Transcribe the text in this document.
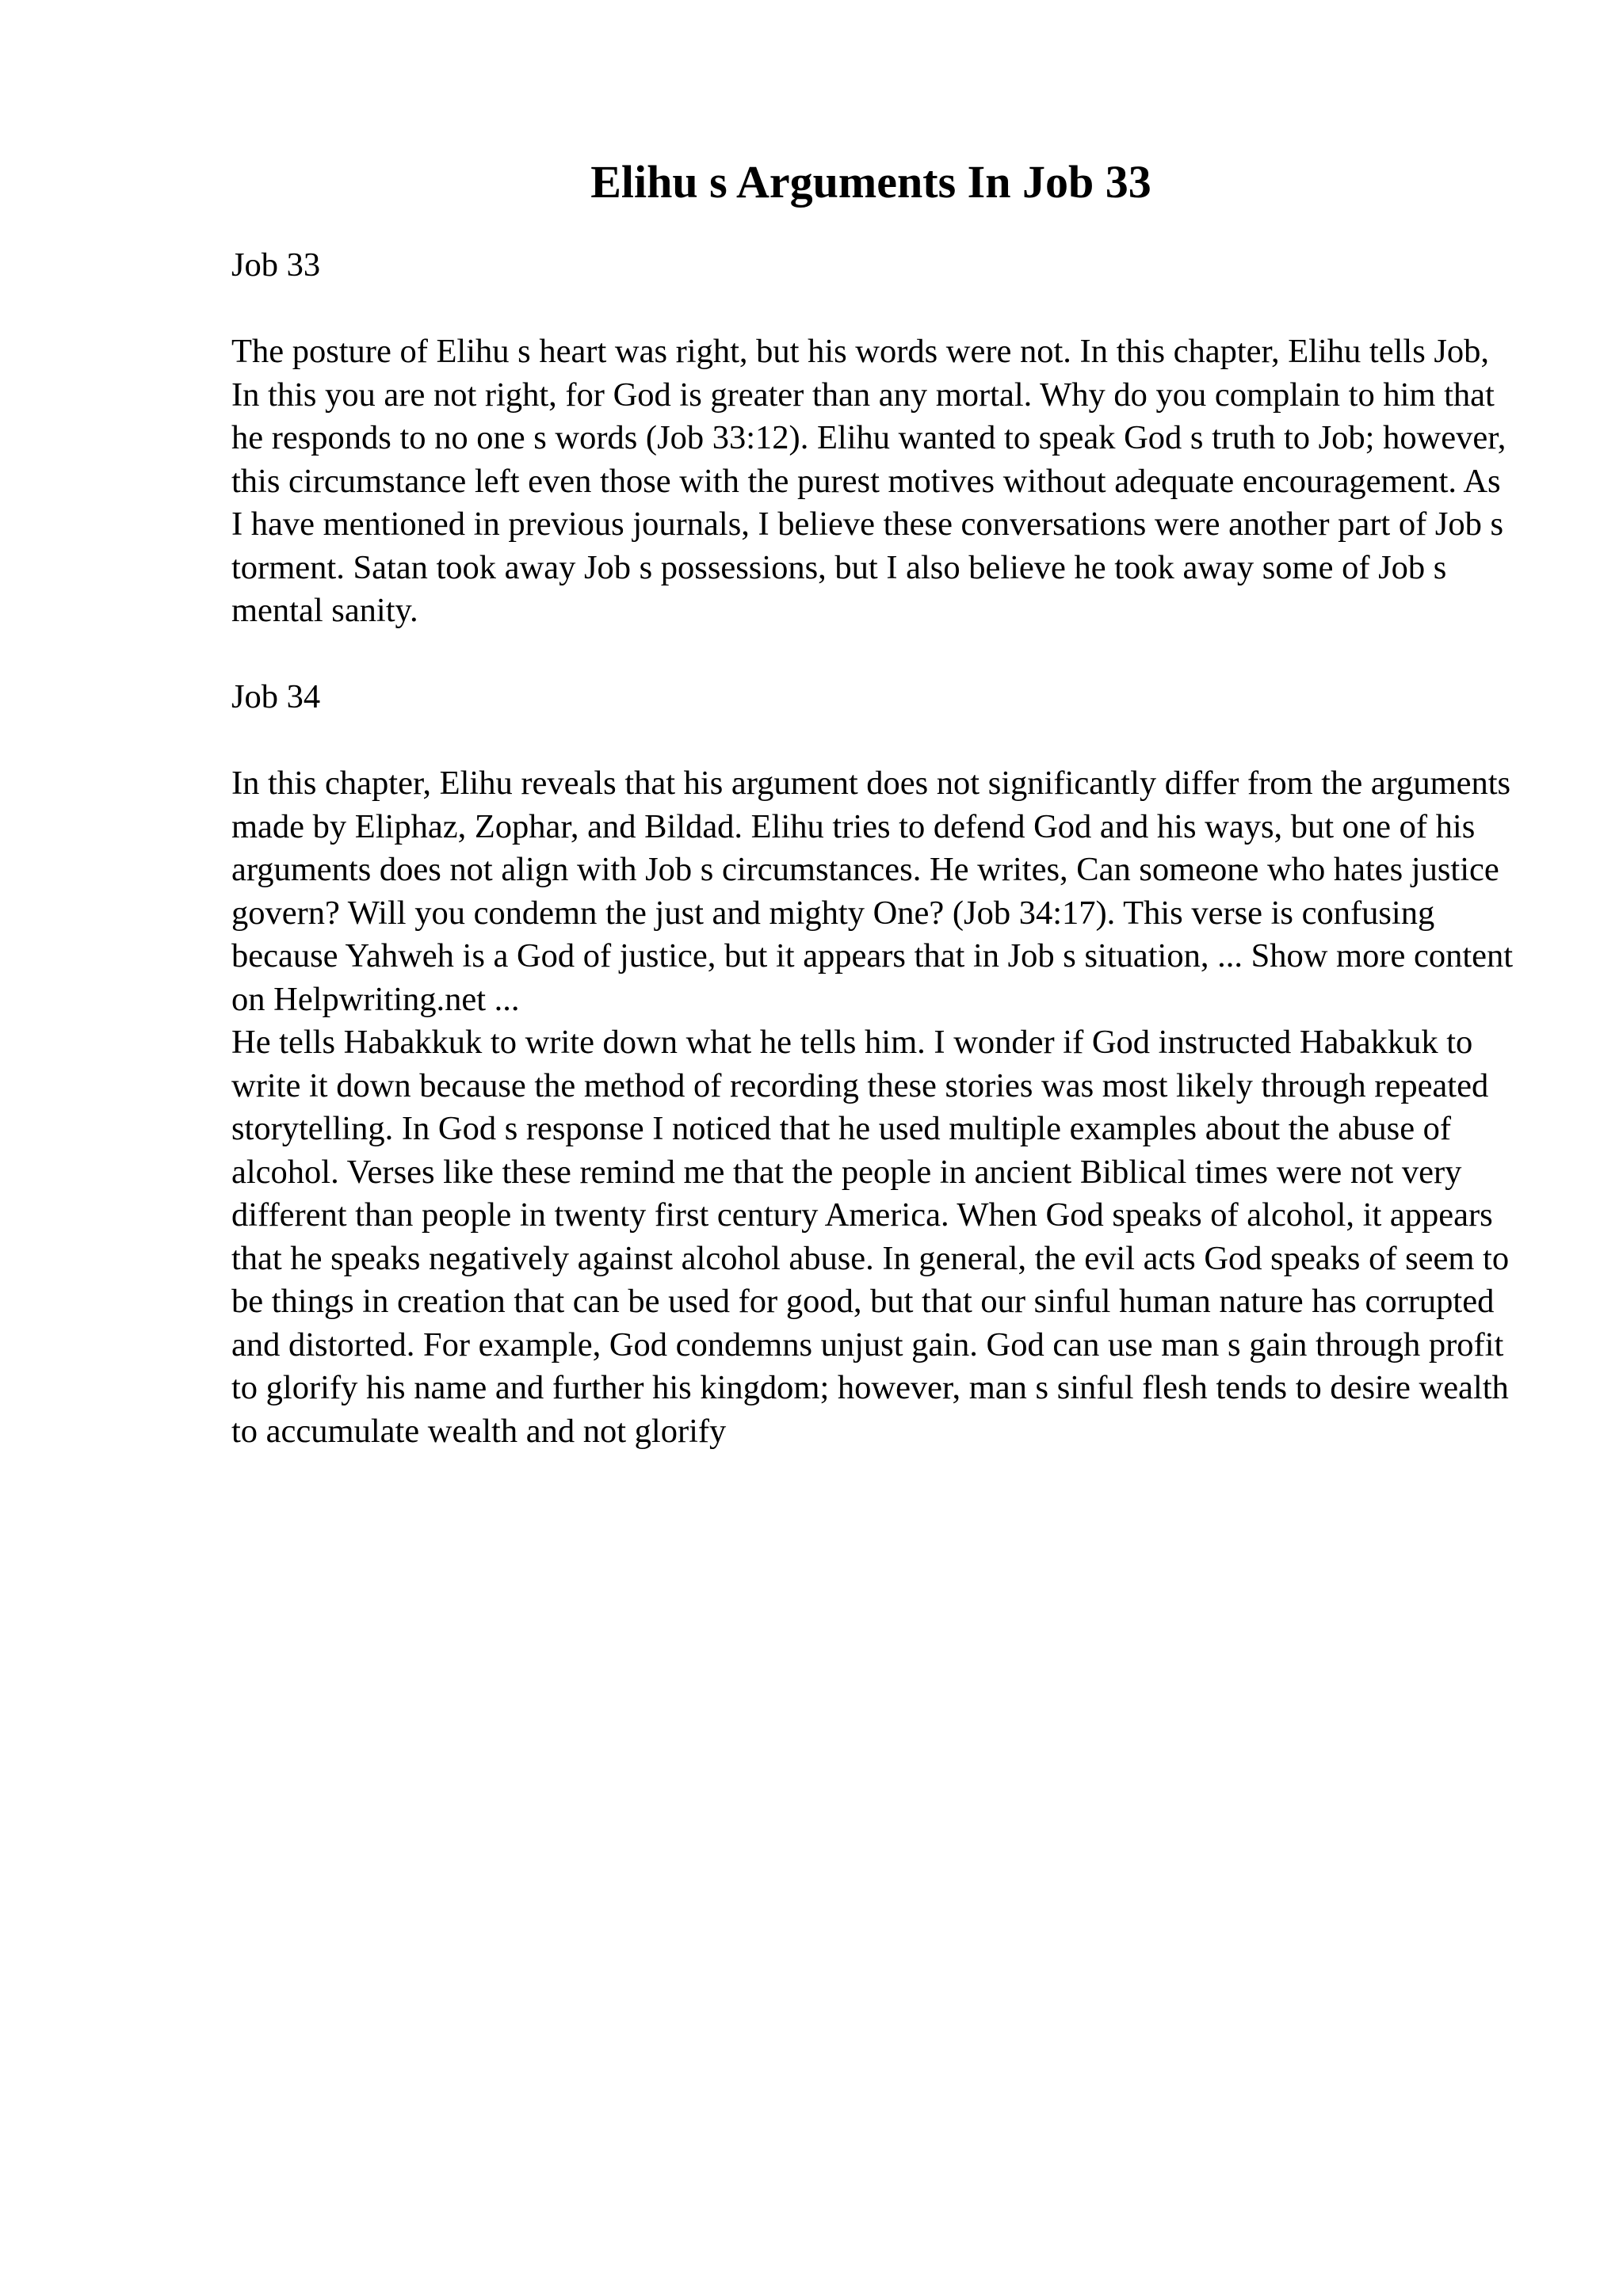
Elihu s Arguments In Job 33

Job 33

The posture of Elihu s heart was right, but his words were not. In this chapter, Elihu tells Job, In this you are not right, for God is greater than any mortal. Why do you complain to him that he responds to no one s words (Job 33:12). Elihu wanted to speak God s truth to Job; however, this circumstance left even those with the purest motives without adequate encouragement. As I have mentioned in previous journals, I believe these conversations were another part of Job s torment. Satan took away Job s possessions, but I also believe he took away some of Job s mental sanity.

Job 34

In this chapter, Elihu reveals that his argument does not significantly differ from the arguments made by Eliphaz, Zophar, and Bildad. Elihu tries to defend God and his ways, but one of his arguments does not align with Job s circumstances. He writes, Can someone who hates justice govern? Will you condemn the just and mighty One? (Job 34:17). This verse is confusing because Yahweh is a God of justice, but it appears that in Job s situation, ... Show more content on Helpwriting.net ...

He tells Habakkuk to write down what he tells him. I wonder if God instructed Habakkuk to write it down because the method of recording these stories was most likely through repeated storytelling. In God s response I noticed that he used multiple examples about the abuse of alcohol. Verses like these remind me that the people in ancient Biblical times were not very different than people in twenty first century America. When God speaks of alcohol, it appears that he speaks negatively against alcohol abuse. In general, the evil acts God speaks of seem to be things in creation that can be used for good, but that our sinful human nature has corrupted and distorted. For example, God condemns unjust gain. God can use man s gain through profit to glorify his name and further his kingdom; however, man s sinful flesh tends to desire wealth to accumulate wealth and not glorify
